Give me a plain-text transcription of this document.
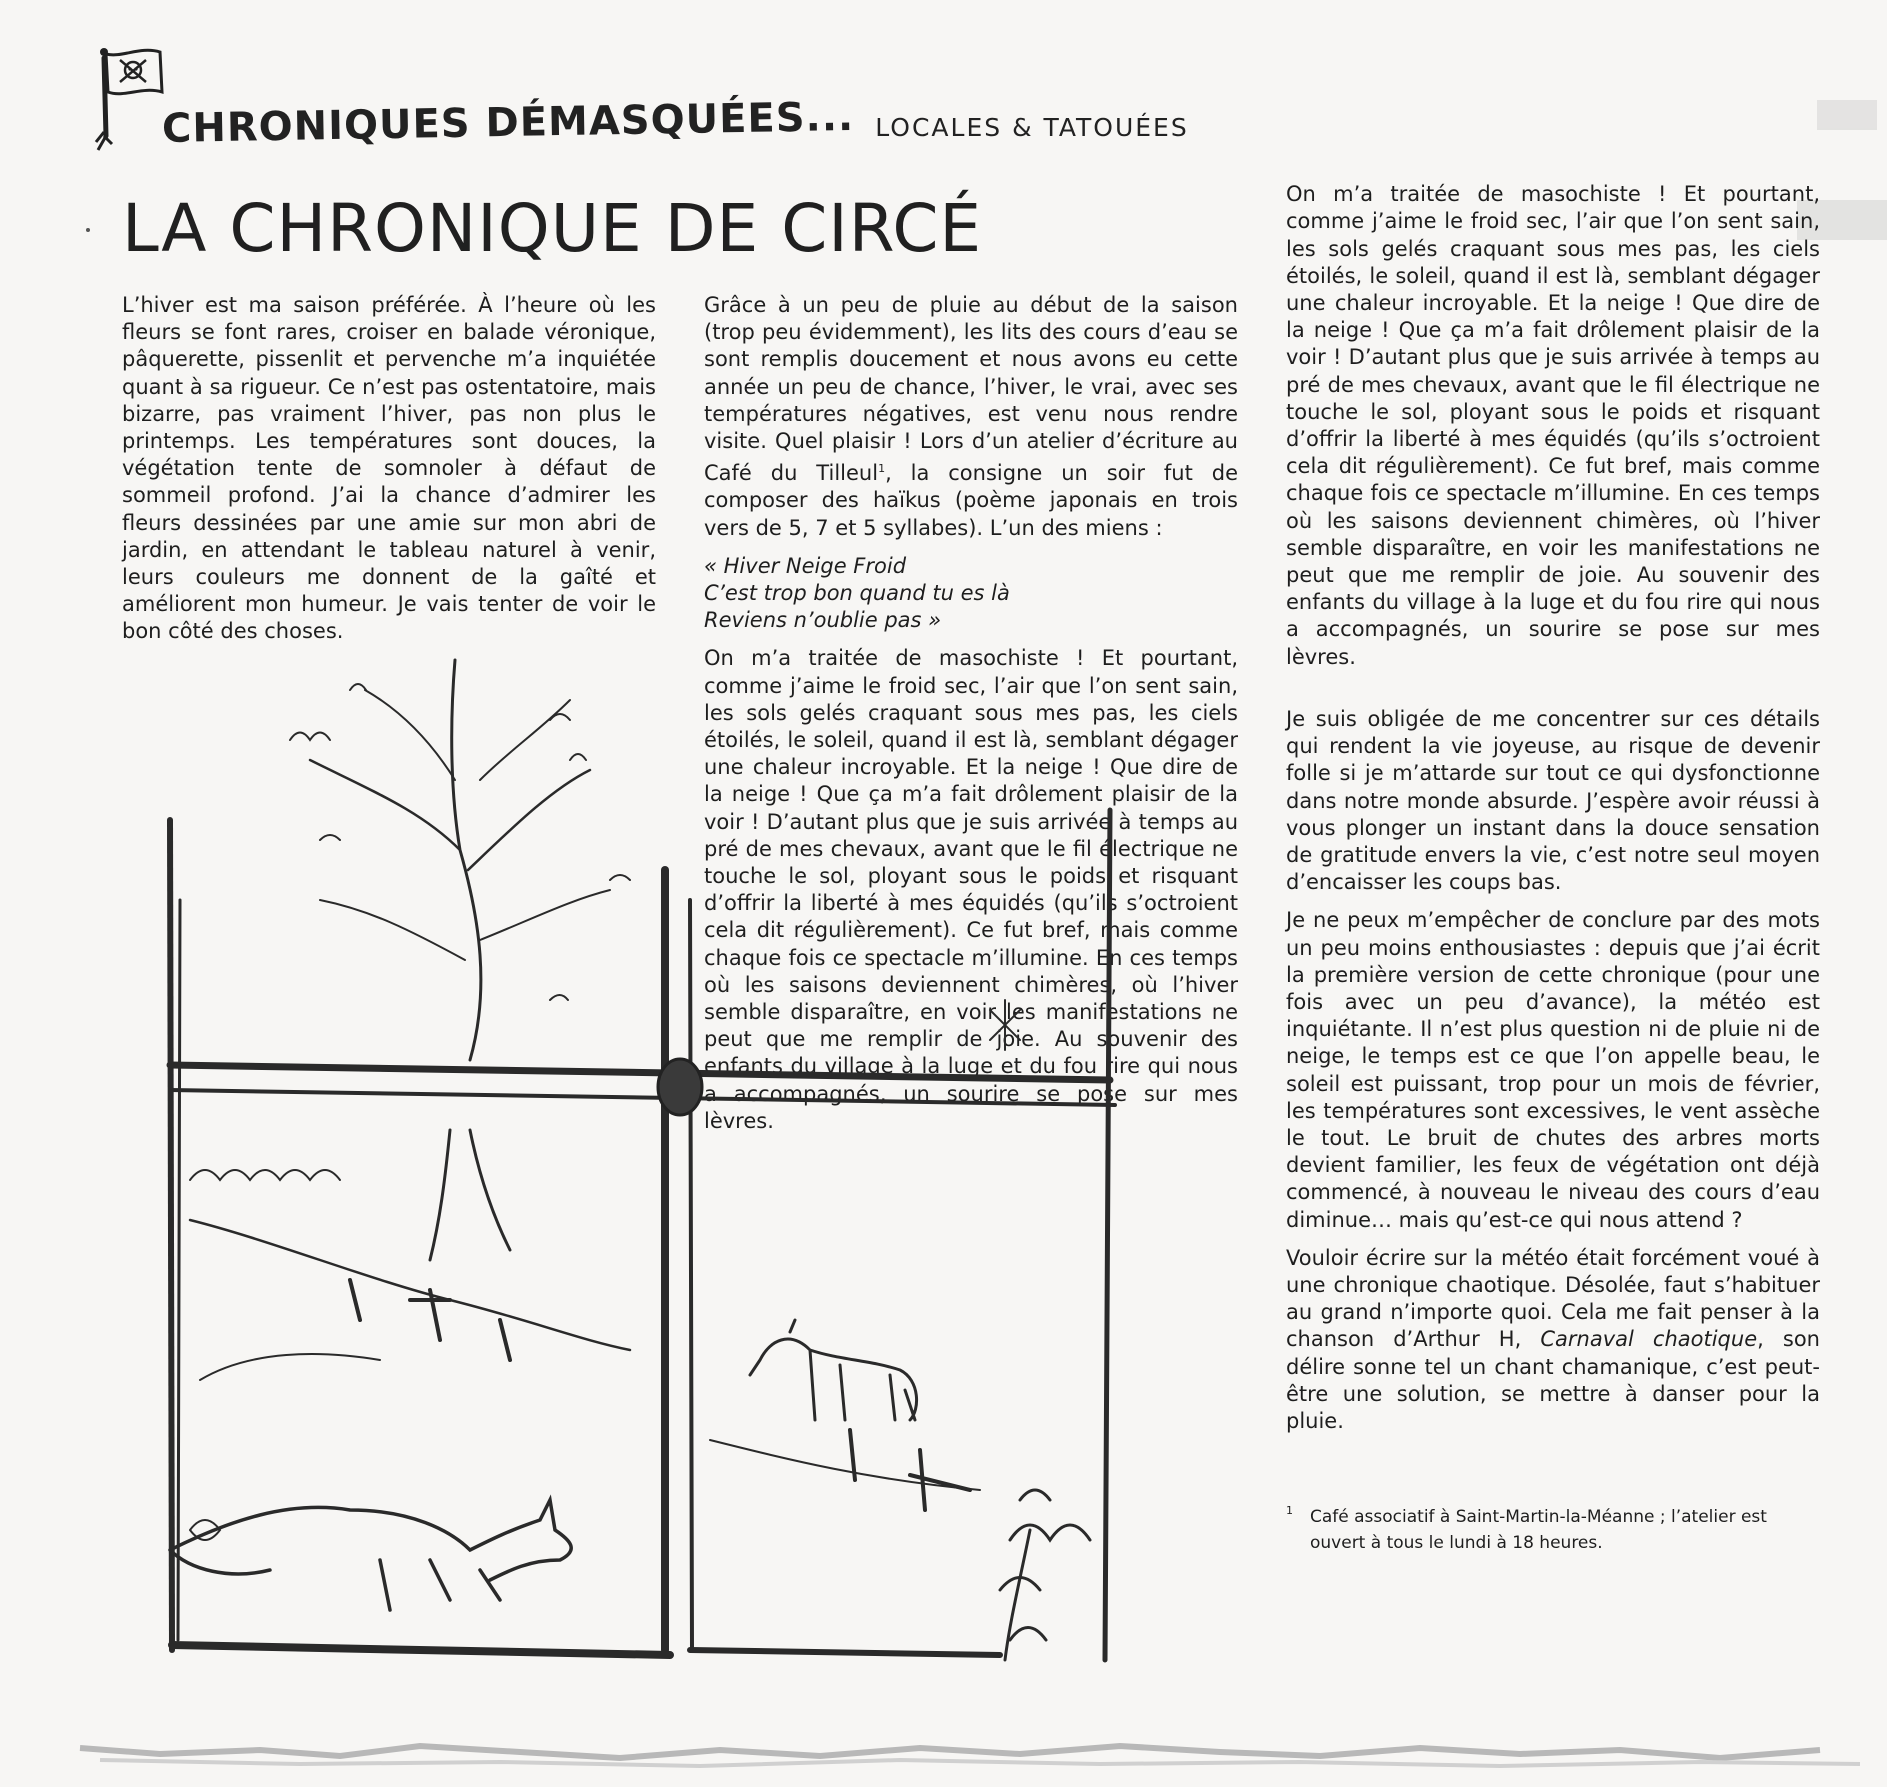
CHRONIQUES DÉMASQUÉES... LOCALES & TATOUÉES
LA CHRONIQUE DE CIRCÉ

L’hiver est ma saison préférée. À l’heure où les fleurs se font rares, croiser en balade véronique, pâquerette, pissenlit et pervenche m’a inquiétée quant à sa rigueur. Ce n’est pas ostentatoire, mais bizarre, pas vraiment l’hiver, pas non plus le printemps. Les températures sont douces, la végétation tente de somnoler à défaut de sommeil profond. J’ai la chance d’admirer les fleurs dessinées par une amie sur mon abri de jardin, en attendant le tableau naturel à venir, leurs couleurs me donnent de la gaîté et améliorent mon humeur. Je vais tenter de voir le bon côté des choses.

Grâce à un peu de pluie au début de la saison (trop peu évidemment), les lits des cours d’eau se sont remplis doucement et nous avons eu cette année un peu de chance, l’hiver, le vrai, avec ses températures négatives, est venu nous rendre visite. Quel plaisir ! Lors d’un atelier d’écriture au Café du Tilleul$^1$, la consigne un soir fut de composer des haïkus (poème japonais en trois vers de 5, 7 et 5 syllabes). L’un des miens :

« Hiver Neige Froid
C’est trop bon quand tu es là
Reviens n’oublie pas »

On m’a traitée de masochiste ! Et pourtant, comme j’aime le froid sec, l’air que l’on sent sain, les sols gelés craquant sous mes pas, les ciels étoilés, le soleil, quand il est là, semblant dégager une chaleur incroyable. Et la neige ! Que dire de la neige ! Que ça m’a fait drôlement plaisir de la voir ! D’autant plus que je suis arrivée à temps au pré de mes chevaux, avant que le fil électrique ne touche le sol, ployant sous le poids et risquant d’offrir la liberté à mes équidés (qu’ils s’octroient cela dit régulièrement). Ce fut bref, mais comme chaque fois ce spectacle m’illumine. En ces temps où les saisons deviennent chimères, où l’hiver semble disparaître, en voir les manifestations ne peut que me remplir de joie. Au souvenir des enfants du village à la luge et du fou rire qui nous a accompagnés, un sourire se pose sur mes lèvres.

On m’a traitée de masochiste ! Et pourtant, comme j’aime le froid sec, l’air que l’on sent sain, les sols gelés craquant sous mes pas, les ciels étoilés, le soleil, quand il est là, semblant dégager une chaleur incroyable. Et la neige ! Que dire de la neige ! Que ça m’a fait drôlement plaisir de la voir ! D’autant plus que je suis arrivée à temps au pré de mes chevaux, avant que le fil électrique ne touche le sol, ployant sous le poids et risquant d’offrir la liberté à mes équidés (qu’ils s’octroient cela dit régulièrement). Ce fut bref, mais comme chaque fois ce spectacle m’illumine. En ces temps où les saisons deviennent chimères, où l’hiver semble disparaître, en voir les manifestations ne peut que me remplir de joie. Au souvenir des enfants du village à la luge et du fou rire qui nous a accompagnés, un sourire se pose sur mes lèvres.

Je suis obligée de me concentrer sur ces détails qui rendent la vie joyeuse, au risque de devenir folle si je m’attarde sur tout ce qui dysfonctionne dans notre monde absurde. J’espère avoir réussi à vous plonger un instant dans la douce sensation de gratitude envers la vie, c’est notre seul moyen d’encaisser les coups bas.

Je ne peux m’empêcher de conclure par des mots un peu moins enthousiastes : depuis que j’ai écrit la première version de cette chronique (pour une fois avec un peu d’avance), la météo est inquiétante. Il n’est plus question ni de pluie ni de neige, le temps est ce que l’on appelle beau, le soleil est puissant, trop pour un mois de février, les températures sont excessives, le vent assèche le tout. Le bruit de chutes des arbres morts devient familier, les feux de végétation ont déjà commencé, à nouveau le niveau des cours d’eau diminue… mais qu’est-ce qui nous attend ?

Vouloir écrire sur la météo était forcément voué à une chronique chaotique. Désolée, faut s’habituer au grand n’importe quoi. Cela me fait penser à la chanson d’Arthur H, Carnaval chaotique, son délire sonne tel un chant chamanique, c’est peut-être une solution, se mettre à danser pour la pluie.

1	Café associatif à Saint-Martin-la-Méanne ; l’atelier est ouvert à tous le lundi à 18 heures.
